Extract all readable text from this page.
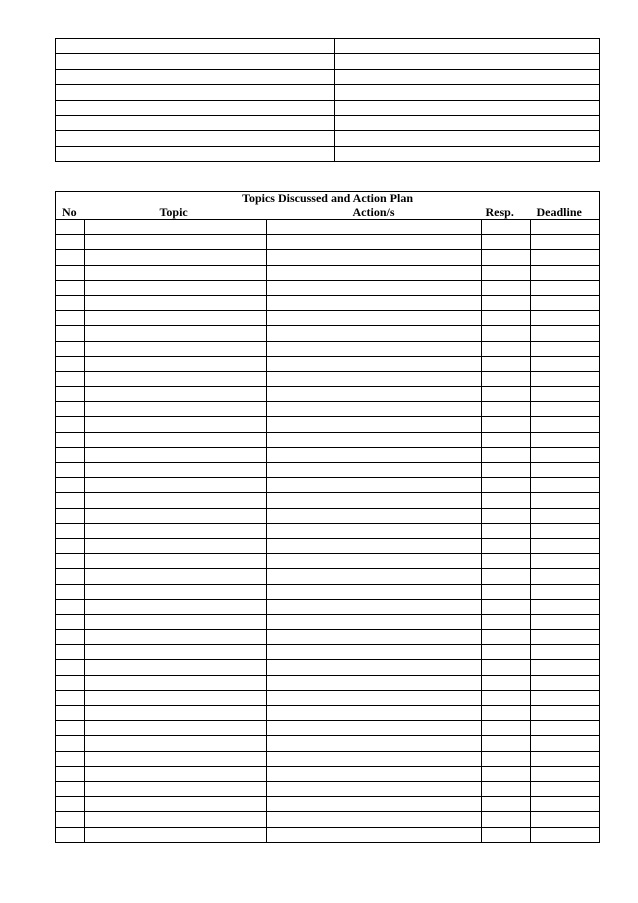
Topics Discussed and Action Plan				
No	Topic	Action/s	Resp.	Deadline
